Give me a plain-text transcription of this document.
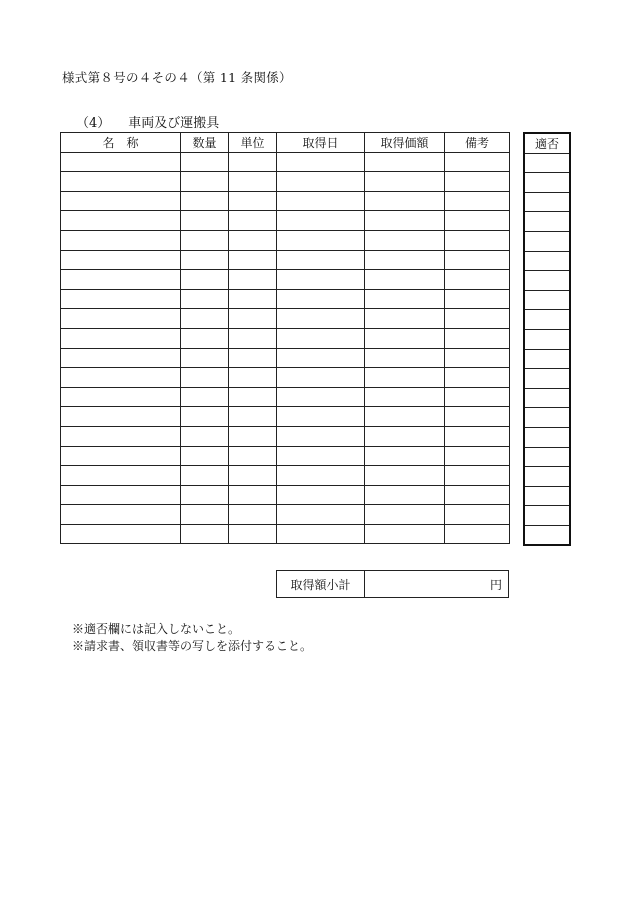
様式第８号の４その４（第 11 条関係）
（4） 車両及び運搬具
名　称	数量	単位	取得日	取得価額	備考

						適否

取得額小計	円
※適否欄には記入しないこと。
※請求書、領収書等の写しを添付すること。
